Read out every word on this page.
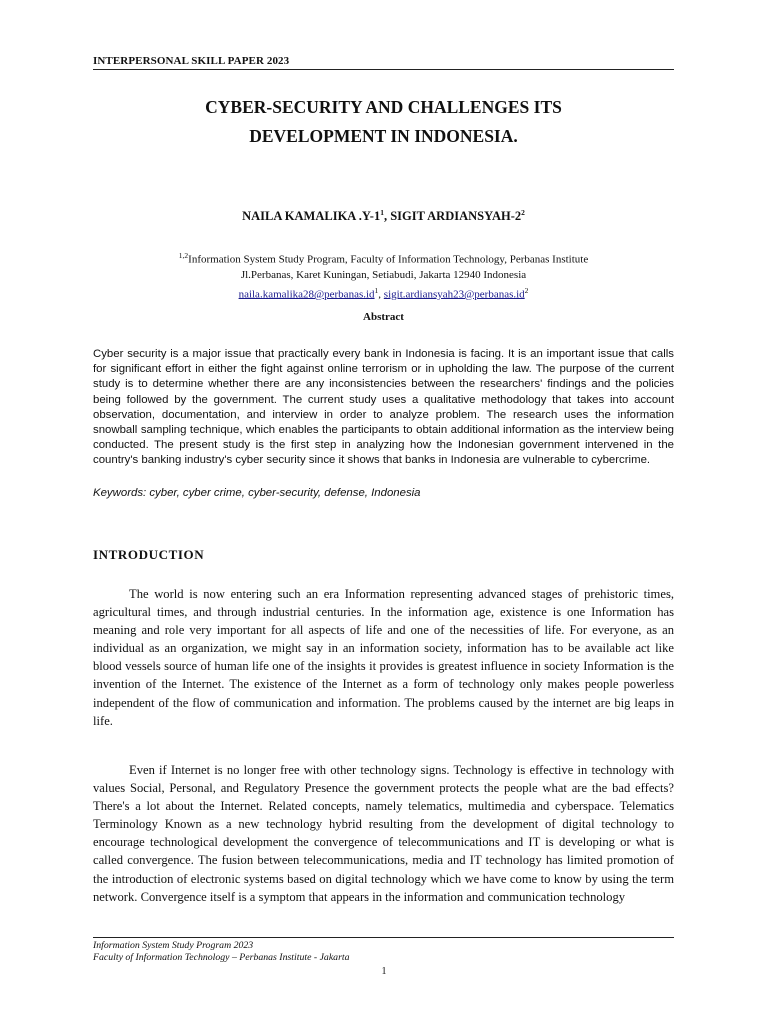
INTERPERSONAL SKILL PAPER 2023
CYBER-SECURITY AND CHALLENGES ITS
DEVELOPMENT IN INDONESIA.
NAILA KAMALIKA $.Y-1^1$, SIGIT ARDIANSYAH-$2^2$
$^{1,2}$Information System Study Program, Faculty of Information Technology, Perbanas Institute
Jl.Perbanas, Karet Kuningan, Setiabudi, Jakarta 12940 Indonesia
$naila.kamalika28@perbanas.id^1$, $sigit.ardiansyah23@perbanas.id^2$
Abstract
Cyber security is a major issue that practically every bank in Indonesia is facing. It is an important issue that calls for significant effort in either the fight against online terrorism or in upholding the law. The purpose of the current study is to determine whether there are any inconsistencies between the researchers' findings and the policies being followed by the government. The current study uses a qualitative methodology that takes into account observation, documentation, and interview in order to analyze problem. The research uses the information snowball sampling technique, which enables the participants to obtain additional information as the interview being conducted. The present study is the first step in analyzing how the Indonesian government intervened in the country's banking industry's cyber security since it shows that banks in Indonesia are vulnerable to cybercrime.
Keywords: cyber, cyber crime, cyber-security, defense, Indonesia
INTRODUCTION
The world is now entering such an era Information representing advanced stages of prehistoric times, agricultural times, and through industrial centuries. In the information age, existence is one Information has meaning and role very important for all aspects of life and one of the necessities of life. For everyone, as an individual as an organization, we might say in an information society, information has to be available act like blood vessels source of human life one of the insights it provides is greatest influence in society Information is the invention of the Internet. The existence of the Internet as a form of technology only makes people powerless independent of the flow of communication and information. The problems caused by the internet are big leaps in life.
Even if Internet is no longer free with other technology signs. Technology is effective in technology with values Social, Personal, and Regulatory Presence the government protects the people what are the bad effects? There's a lot about the Internet. Related concepts, namely telematics, multimedia and cyberspace. Telematics Terminology Known as a new technology hybrid resulting from the development of digital technology to encourage technological development the convergence of telecommunications and IT is developing or what is called convergence. The fusion between telecommunications, media and IT technology has limited promotion of the introduction of electronic systems based on digital technology which we have come to know by using the term network. Convergence itself is a symptom that appears in the information and communication technology
Information System Study Program 2023
Faculty of Information Technology – Perbanas Institute - Jakarta
1
